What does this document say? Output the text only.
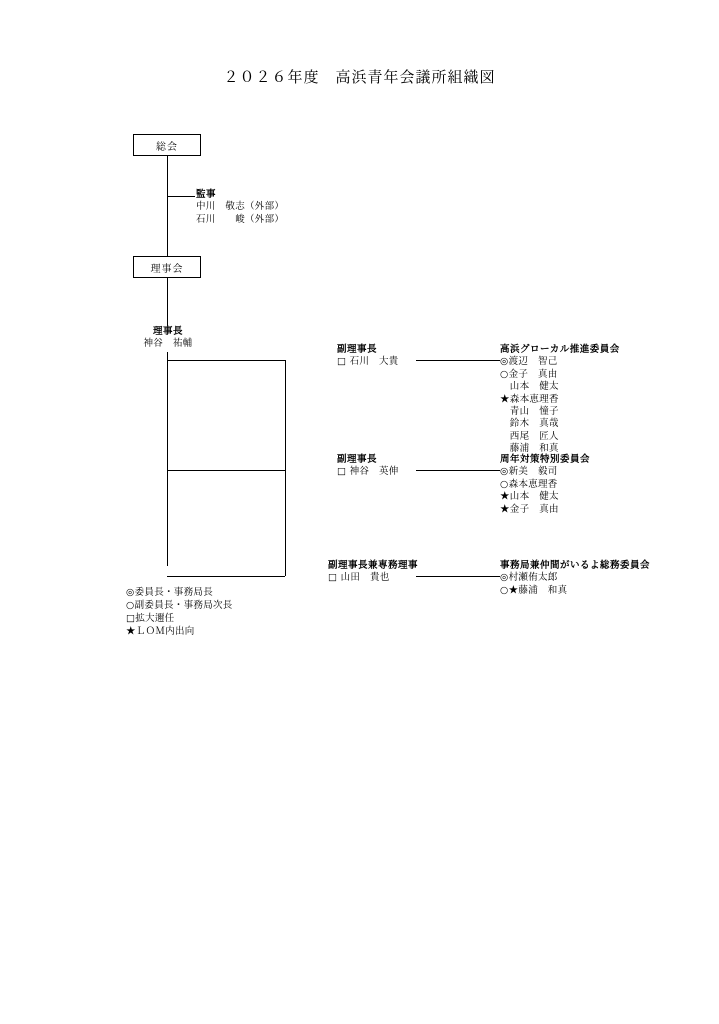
２０２６年度　高浜青年会議所組織図
総会
監事
中川　敬志（外部）
石川　　峻（外部）
理事会
理事長
神谷　祐輔
副理事長
□ 石川　大貴
高浜グローカル推進委員会
◎渡辺　智己
○金子　真由
　山本　健太
★森本恵理香
　青山　憧子
　鈴木　真哉
　西尾　匠人
　藤浦　和真
副理事長
□ 神谷　英伸
周年対策特別委員会
◎新美　毅司
○森本恵理香
★山本　健太
★金子　真由
副理事長兼専務理事
□ 山田　貴也
事務局兼仲間がいるよ総務委員会
◎村瀬侑太郎
○★藤浦　和真
◎委員長・事務局長
○副委員長・事務局次長
□拡大邇任
★ＬＯＭ内出向
